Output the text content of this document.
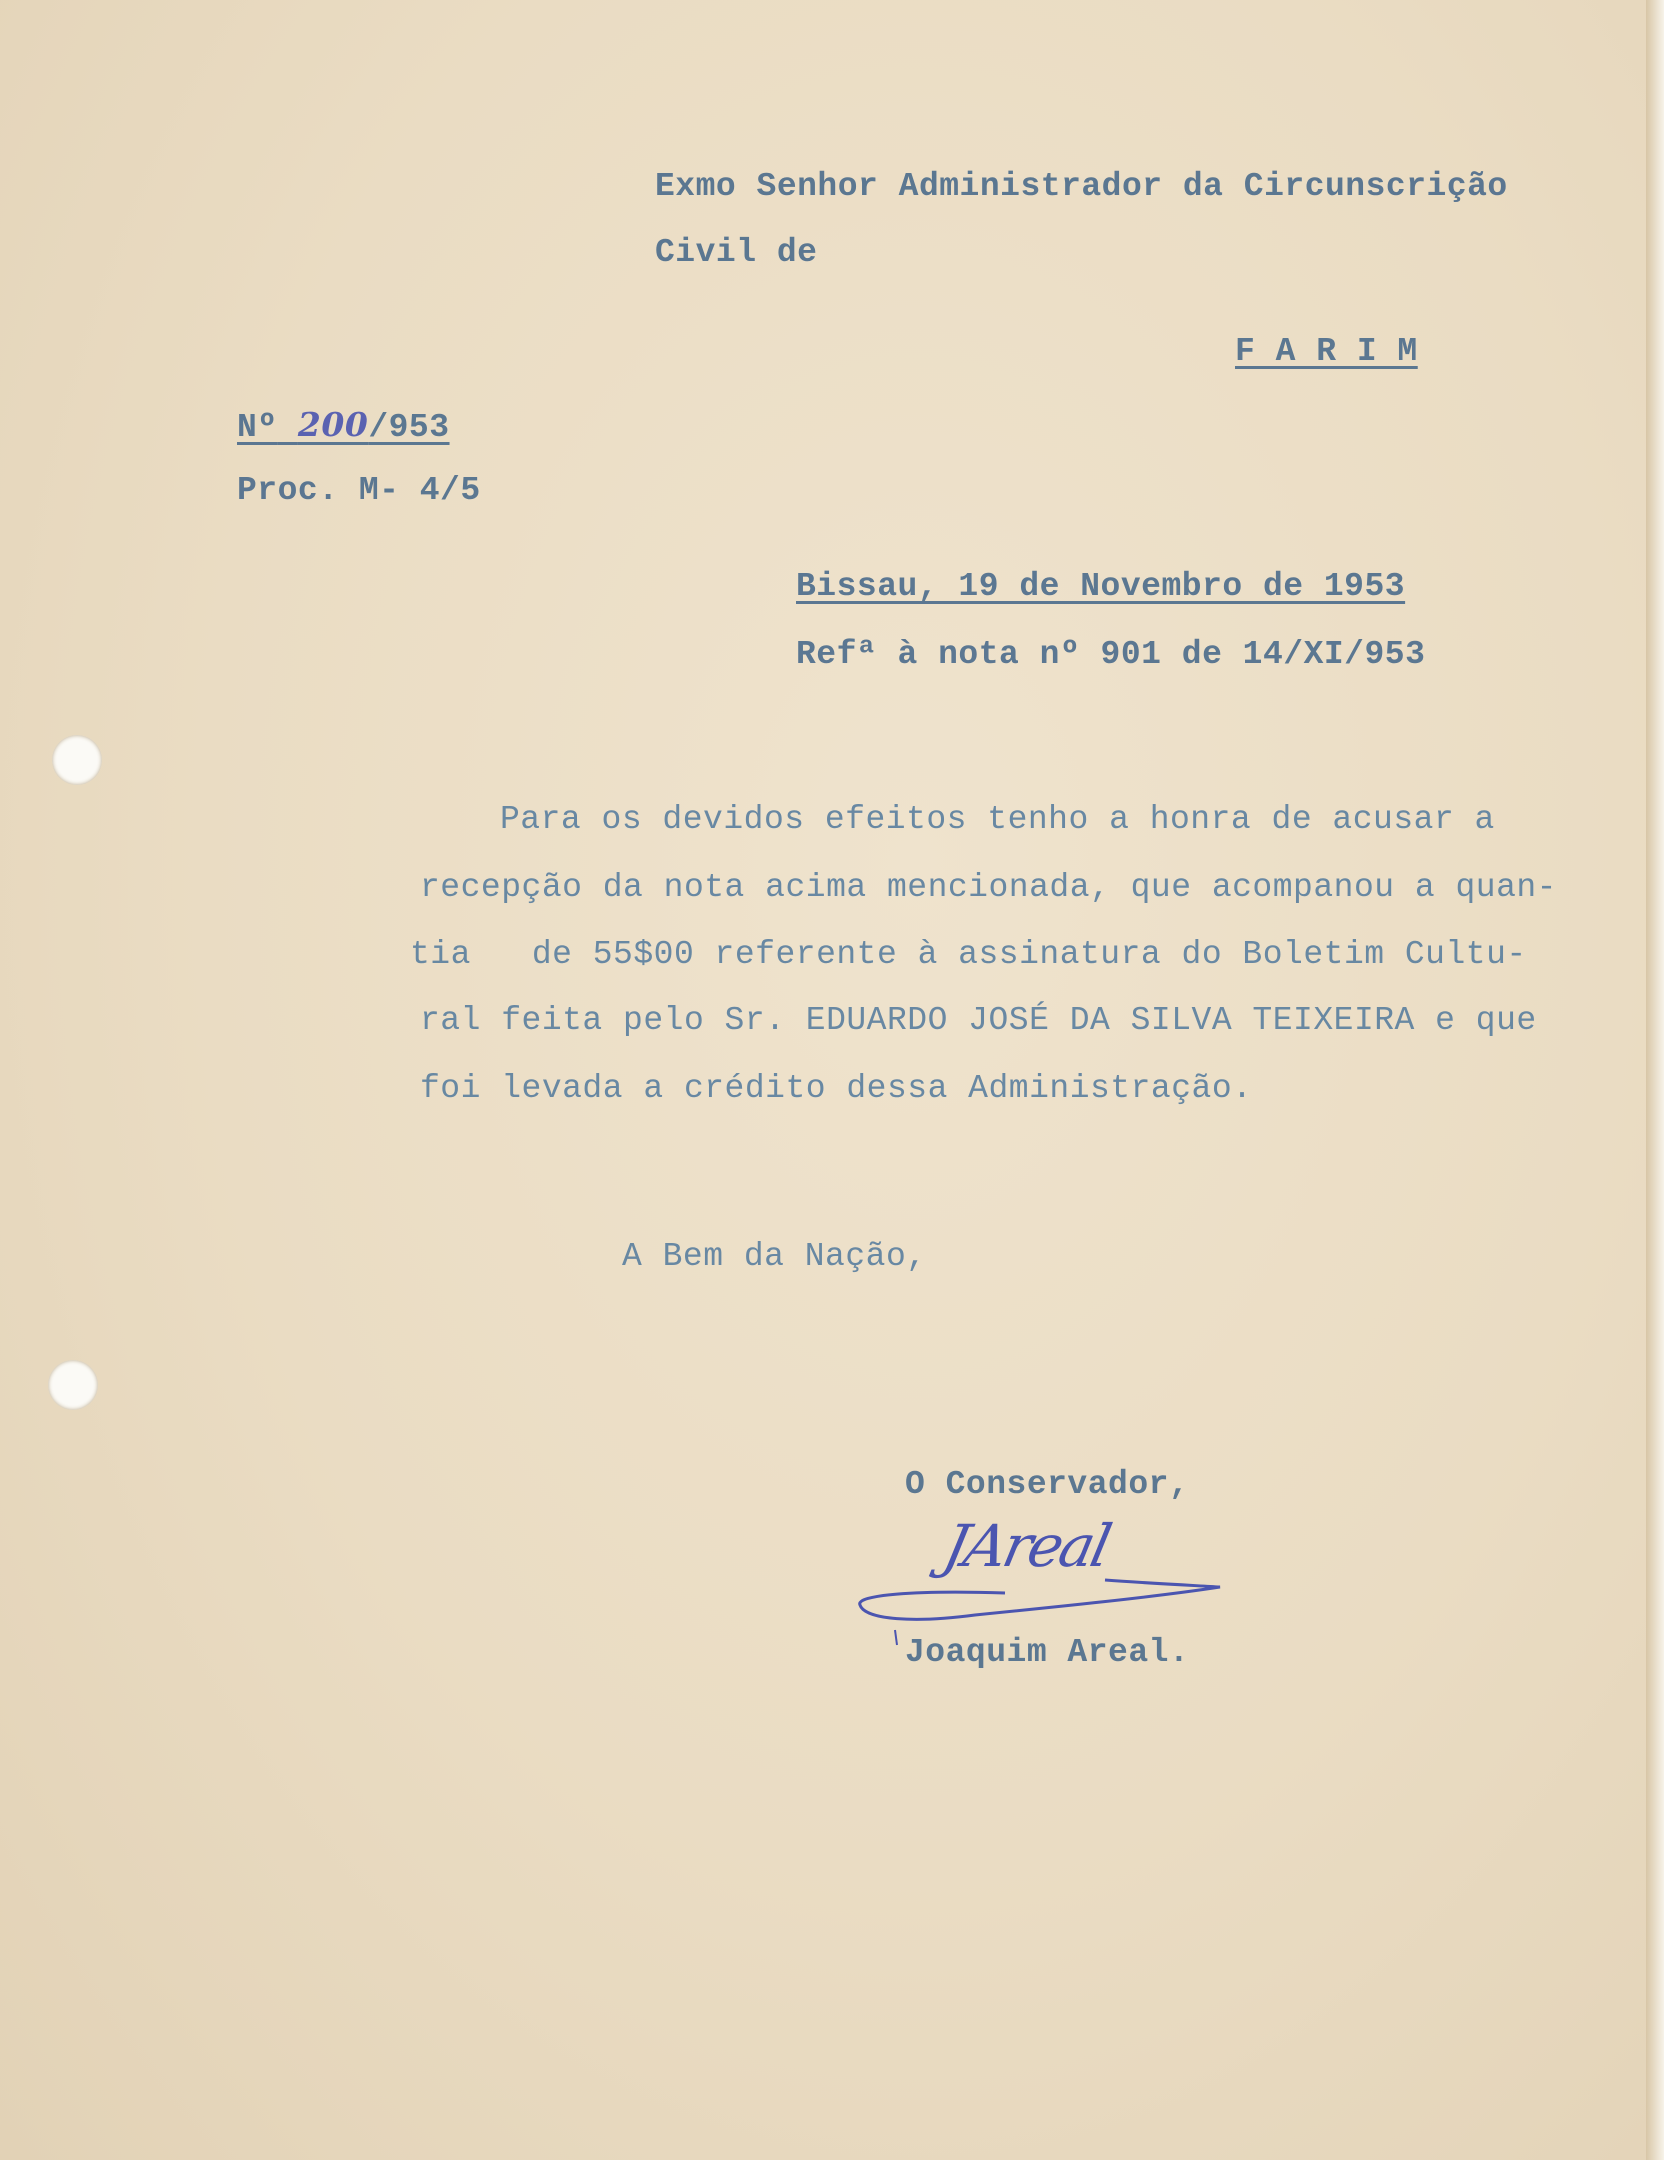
Exmo Senhor Administrador da Circunscrição
Civil de
F A R I M
Nº 200/953
Proc. M- 4/5
Bissau, 19 de Novembro de 1953
Refª à nota nº 901 de 14/XI/953
Para os devidos efeitos tenho a honra de acusar a
recepção da nota acima mencionada, que acompanou a quan-
tia   de 55$00 referente à assinatura do Boletim Cultu-
ral feita pelo Sr. EDUARDO JOSÉ DA SILVA TEIXEIRA e que
foi levada a crédito dessa Administração.
A Bem da Nação,
O Conservador,
JAreal
Joaquim Areal.
